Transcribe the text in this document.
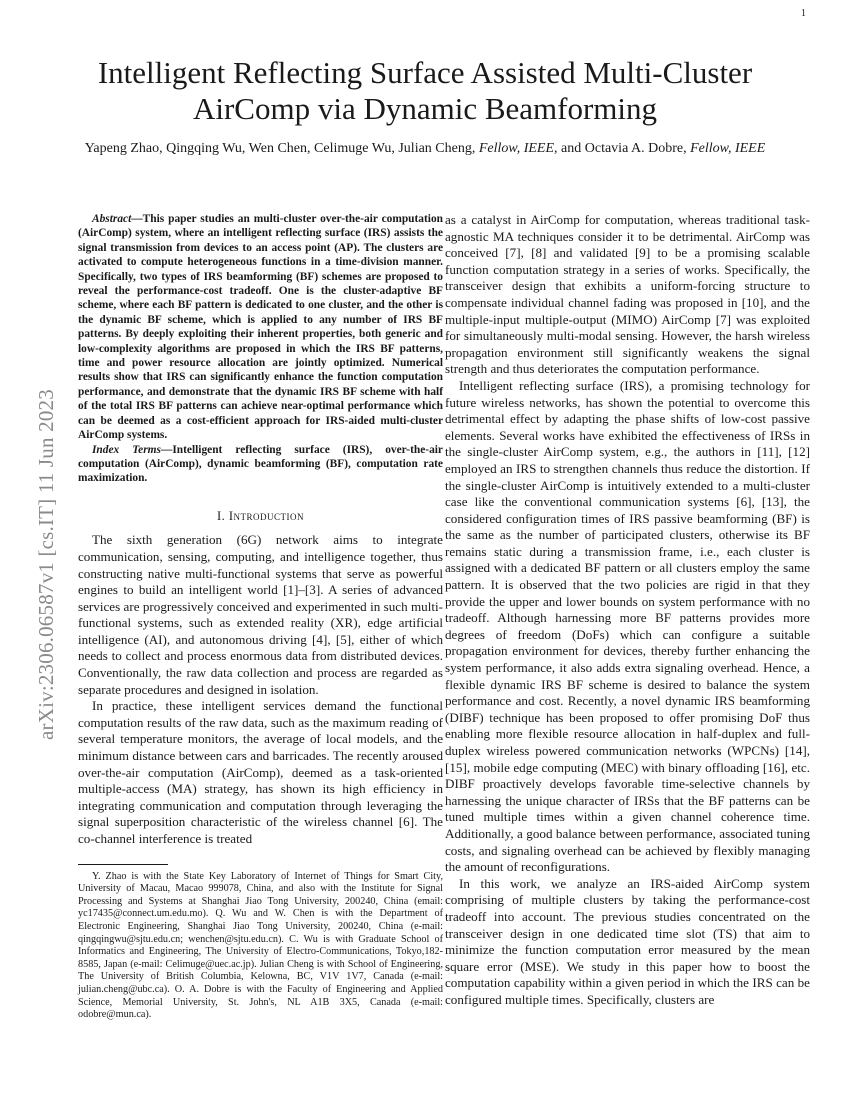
1
arXiv:2306.06587v1 [cs.IT] 11 Jun 2023
Intelligent Reflecting Surface Assisted Multi-Cluster
AirComp via Dynamic Beamforming
Yapeng Zhao, Qingqing Wu, Wen Chen, Celimuge Wu, Julian Cheng, Fellow, IEEE, and Octavia A. Dobre, Fellow, IEEE

Abstract—This paper studies an multi-cluster over-the-air computation (AirComp) system, where an intelligent reflecting surface (IRS) assists the signal transmission from devices to an access point (AP). The clusters are activated to compute heterogeneous functions in a time-division manner. Specifically, two types of IRS beamforming (BF) schemes are proposed to reveal the performance-cost tradeoff. One is the cluster-adaptive BF scheme, where each BF pattern is dedicated to one cluster, and the other is the dynamic BF scheme, which is applied to any number of IRS BF patterns. By deeply exploiting their inherent properties, both generic and low-complexity algorithms are proposed in which the IRS BF patterns, time and power resource allocation are jointly optimized. Numerical results show that IRS can significantly enhance the function computation performance, and demonstrate that the dynamic IRS BF scheme with half of the total IRS BF patterns can achieve near-optimal performance which can be deemed as a cost-efficient approach for IRS-aided multi-cluster AirComp systems.

Index Terms—Intelligent reflecting surface (IRS), over-the-air computation (AirComp), dynamic beamforming (BF), computation rate maximization.

I. Introduction

The sixth generation (6G) network aims to integrate communication, sensing, computing, and intelligence together, thus constructing native multi-functional systems that serve as powerful engines to build an intelligent world [1]–[3]. A series of advanced services are progressively conceived and experimented in such multi-functional systems, such as extended reality (XR), edge artificial intelligence (AI), and autonomous driving [4], [5], either of which needs to collect and process enormous data from distributed devices. Conventionally, the raw data collection and process are regarded as separate procedures and designed in isolation.

In practice, these intelligent services demand the functional computation results of the raw data, such as the maximum reading of several temperature monitors, the average of local models, and the minimum distance between cars and barricades. The recently aroused over-the-air computation (AirComp), deemed as a task-oriented multiple-access (MA) strategy, has shown its high efficiency in integrating communication and computation through leveraging the signal superposition characteristic of the wireless channel [6]. The co-channel interference is treated

Y. Zhao is with the State Key Laboratory of Internet of Things for Smart City, University of Macau, Macao 999078, China, and also with the Institute for Signal Processing and Systems at Shanghai Jiao Tong University, 200240, China (email: yc17435@connect.um.edu.mo). Q. Wu and W. Chen is with the Department of Electronic Engineering, Shanghai Jiao Tong University, 200240, China (e-mail: qingqingwu@sjtu.edu.cn; wenchen@sjtu.edu.cn). C. Wu is with Graduate School of Informatics and Engineering, The University of Electro-Communications, Tokyo,182-8585, Japan (e-mail: Celimuge@uec.ac.jp). Julian Cheng is with School of Engineering, The University of British Columbia, Kelowna, BC, V1V 1V7, Canada (e-mail: julian.cheng@ubc.ca). O. A. Dobre is with the Faculty of Engineering and Applied Science, Memorial University, St. John's, NL A1B 3X5, Canada (e-mail: odobre@mun.ca).

as a catalyst in AirComp for computation, whereas traditional task-agnostic MA techniques consider it to be detrimental. AirComp was conceived [7], [8] and validated [9] to be a promising scalable function computation strategy in a series of works. Specifically, the transceiver design that exhibits a uniform-forcing structure to compensate individual channel fading was proposed in [10], and the multiple-input multiple-output (MIMO) AirComp [7] was exploited for simultaneously multi-modal sensing. However, the harsh wireless propagation environment still significantly weakens the signal strength and thus deteriorates the computation performance.

Intelligent reflecting surface (IRS), a promising technology for future wireless networks, has shown the potential to overcome this detrimental effect by adapting the phase shifts of low-cost passive elements. Several works have exhibited the effectiveness of IRSs in the single-cluster AirComp system, e.g., the authors in [11], [12] employed an IRS to strengthen channels thus reduce the distortion. If the single-cluster AirComp is intuitively extended to a multi-cluster case like the conventional communication systems [6], [13], the considered configuration times of IRS passive beamforming (BF) is the same as the number of participated clusters, otherwise its BF remains static during a transmission frame, i.e., each cluster is assigned with a dedicated BF pattern or all clusters employ the same pattern. It is observed that the two policies are rigid in that they provide the upper and lower bounds on system performance with no tradeoff. Although harnessing more BF patterns provides more degrees of freedom (DoFs) which can configure a suitable propagation environment for devices, thereby further enhancing the system performance, it also adds extra signaling overhead. Hence, a flexible dynamic IRS BF scheme is desired to balance the system performance and cost. Recently, a novel dynamic IRS beamforming (DIBF) technique has been proposed to offer promising DoF thus enabling more flexible resource allocation in half-duplex and full-duplex wireless powered communication networks (WPCNs) [14], [15], mobile edge computing (MEC) with binary offloading [16], etc. DIBF proactively develops favorable time-selective channels by harnessing the unique character of IRSs that the BF patterns can be tuned multiple times within a given channel coherence time. Additionally, a good balance between performance, associated tuning costs, and signaling overhead can be achieved by flexibly managing the amount of reconfigurations.

In this work, we analyze an IRS-aided AirComp system comprising of multiple clusters by taking the performance-cost tradeoff into account. The previous studies concentrated on the transceiver design in one dedicated time slot (TS) that aim to minimize the function computation error measured by the mean square error (MSE). We study in this paper how to boost the computation capability within a given period in which the IRS can be configured multiple times. Specifically, clusters are
